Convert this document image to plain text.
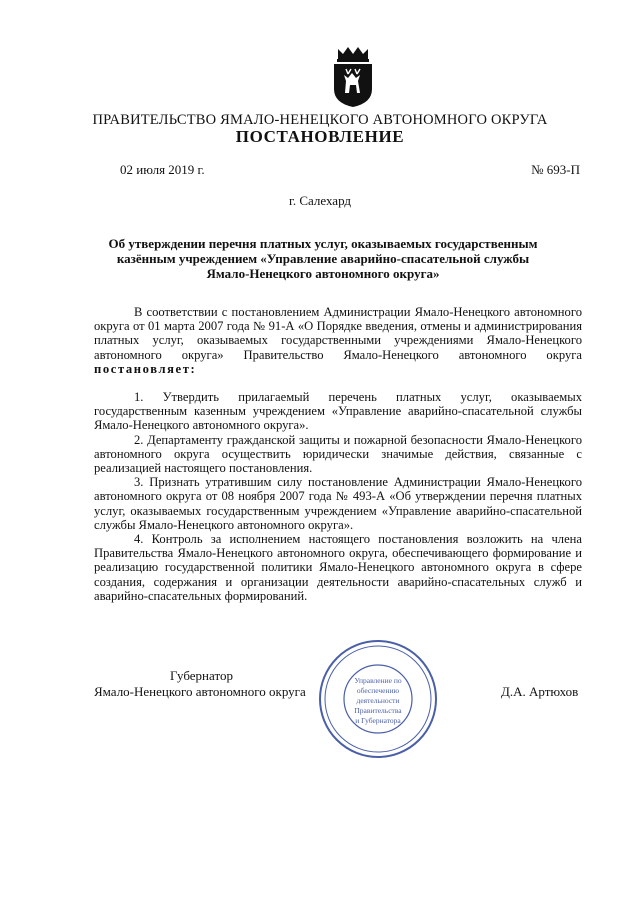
ПРАВИТЕЛЬСТВО ЯМАЛО-НЕНЕЦКОГО АВТОНОМНОГО ОКРУГА
ПОСТАНОВЛЕНИЕ
02 июля 2019 г.	№ 693-П
г. Салехард
Об утверждении перечня платных услуг, оказываемых государственным казённым учреждением «Управление аварийно-спасательной службы Ямало-Ненецкого автономного округа»

В соответствии с постановлением Администрации Ямало-Ненецкого автономного округа от 01 марта 2007 года № 91-А «О Порядке введения, отмены и администрирования платных услуг, оказываемых государственными учреждениями Ямало-Ненецкого автономного округа» Правительство Ямало-Ненецкого автономного округа постановляет:

1. Утвердить прилагаемый перечень платных услуг, оказываемых государственным казенным учреждением «Управление аварийно-спасательной службы Ямало-Ненецкого автономного округа».

2. Департаменту гражданской защиты и пожарной безопасности Ямало-Ненецкого автономного округа осуществить юридически значимые действия, связанные с реализацией настоящего постановления.

3. Признать утратившим силу постановление Администрации Ямало-Ненецкого автономного округа от 08 ноября 2007 года № 493-А «Об утверждении перечня платных услуг, оказываемых государственным учреждением «Управление аварийно-спасательной службы Ямало-Ненецкого автономного округа».

4. Контроль за исполнением настоящего постановления возложить на члена Правительства Ямало-Ненецкого автономного округа, обеспечивающего формирование и реализацию государственной политики Ямало-Ненецкого автономного округа в сфере создания, содержания и организации деятельности аварийно-спасательных служб и аварийно-спасательных формирований.

Губернатор
Ямало-Ненецкого автономного округа	Д.А. Артюхов
Управление по
обеспечению
деятельности
Правительства
и Губернатора
